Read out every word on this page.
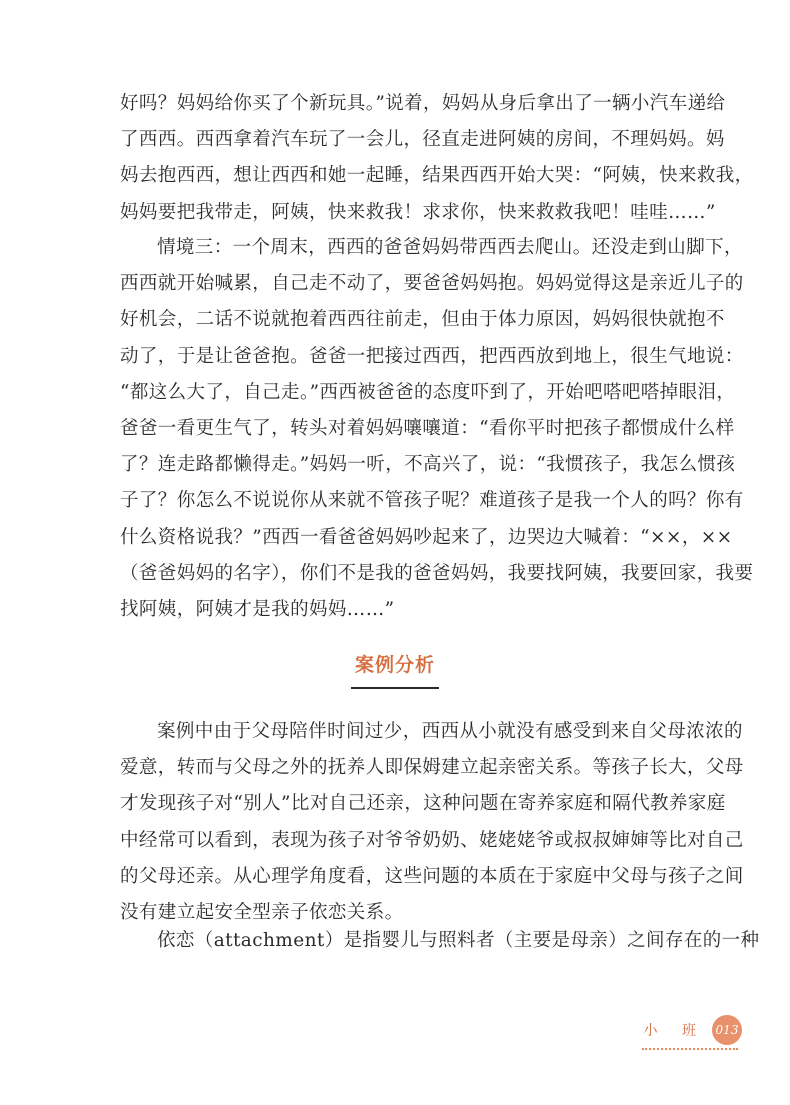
好吗？妈妈给你买了个新玩具。”说着，妈妈从身后拿出了一辆小汽车递给
了西西。西西拿着汽车玩了一会儿，径直走进阿姨的房间，不理妈妈。妈
妈去抱西西，想让西西和她一起睡，结果西西开始大哭：“阿姨，快来救我，
妈妈要把我带走，阿姨，快来救我！求求你，快来救救我吧！哇哇……”

情境三：一个周末，西西的爸爸妈妈带西西去爬山。还没走到山脚下，
西西就开始喊累，自己走不动了，要爸爸妈妈抱。妈妈觉得这是亲近儿子的
好机会，二话不说就抱着西西往前走，但由于体力原因，妈妈很快就抱不
动了，于是让爸爸抱。爸爸一把接过西西，把西西放到地上，很生气地说：
“都这么大了，自己走。”西西被爸爸的态度吓到了，开始吧嗒吧嗒掉眼泪，
爸爸一看更生气了，转头对着妈妈嚷嚷道：“看你平时把孩子都惯成什么样
了？连走路都懒得走。”妈妈一听，不高兴了，说：“我惯孩子，我怎么惯孩
子了？你怎么不说说你从来就不管孩子呢？难道孩子是我一个人的吗？你有
什么资格说我？”西西一看爸爸妈妈吵起来了，边哭边大喊着：“××，××
（爸爸妈妈的名字），你们不是我的爸爸妈妈，我要找阿姨，我要回家，我要
找阿姨，阿姨才是我的妈妈……”

案例分析

案例中由于父母陪伴时间过少，西西从小就没有感受到来自父母浓浓的
爱意，转而与父母之外的抚养人即保姆建立起亲密关系。等孩子长大，父母
才发现孩子对“别人”比对自己还亲，这种问题在寄养家庭和隔代教养家庭
中经常可以看到，表现为孩子对爷爷奶奶、姥姥姥爷或叔叔婶婶等比对自己
的父母还亲。从心理学角度看，这些问题的本质在于家庭中父母与孩子之间
没有建立起安全型亲子依恋关系。

依恋（attachment）是指婴儿与照料者（主要是母亲）之间存在的一种

小 班 013
